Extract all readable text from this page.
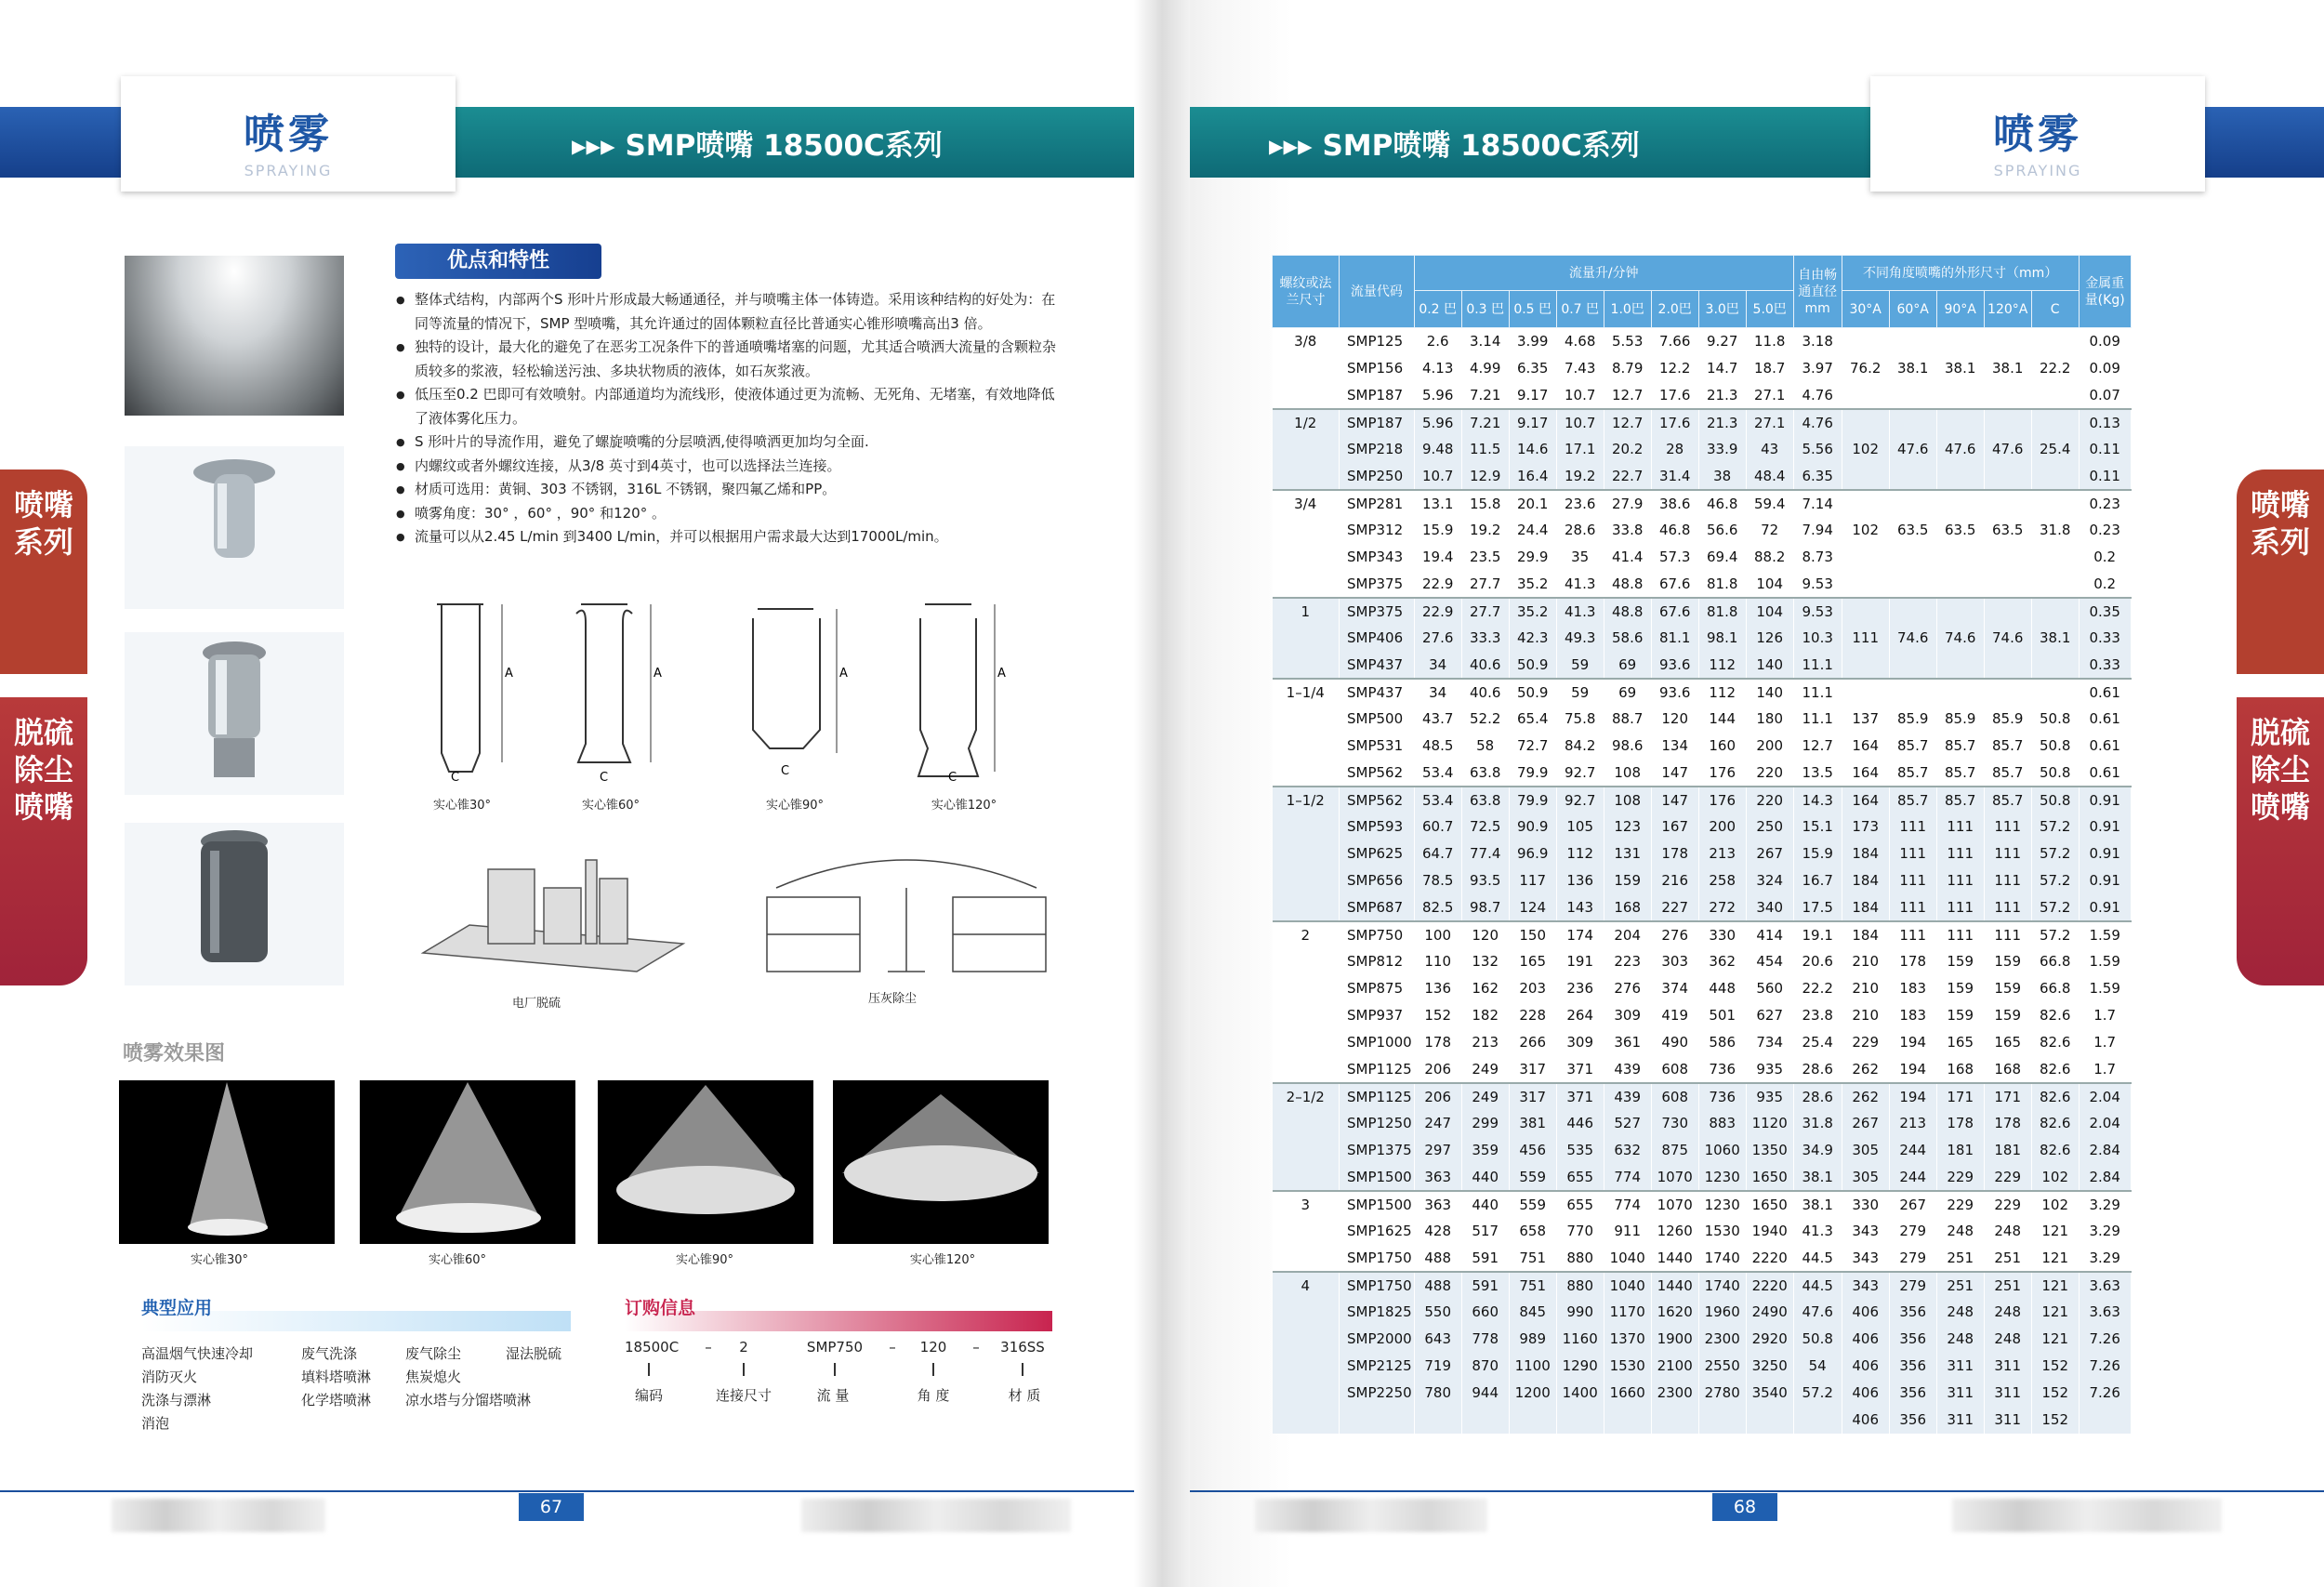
喷雾
SPRAYING
▸▸▸ SMP喷嘴 18500C系列
喷嘴系列
脱硫除尘喷嘴
优点和特性
● 整体式结构，内部两个S 形叶片形成最大畅通通径，并与喷嘴主体一体铸造。采用该种结构的好处为：在同等流量的情况下，SMP 型喷嘴，其允许通过的固体颗粒直径比普通实心锥形喷嘴高出3 倍。
● 独特的设计，最大化的避免了在恶劣工况条件下的普通喷嘴堵塞的问题，尤其适合喷洒大流量的含颗粒杂质较多的浆液，轻松输送污浊、多块状物质的液体，如石灰浆液。
● 低压至0.2 巴即可有效喷射。内部通道均为流线形，使液体通过更为流畅、无死角、无堵塞，有效地降低了液体雾化压力。
● S 形叶片的导流作用，避免了螺旋喷嘴的分层喷洒,使得喷洒更加均匀全面.
● 内螺纹或者外螺纹连接，从3/8 英寸到4英寸，也可以选择法兰连接。
● 材质可选用：黄铜、303 不锈钢，316L 不锈钢，聚四氟乙烯和PP。
● 喷雾角度：30° ，60° ，90° 和120° 。
● 流量可以从2.45 L/min 到3400 L/min，并可以根据用户需求最大达到17000L/min。
A	A	A	A
C	C	C	C
实心锥30°	实心锥60°	实心锥90°	实心锥120°
电厂脱硫	压灰除尘
喷雾效果图
实心锥30°	实心锥60°	实心锥90°	实心锥120°
典型应用
高温烟气快速冷却	废气洗涤	废气除尘	湿法脱硫
消防灭火	填料塔喷淋 焦炭熄火
洗涤与漂淋	化学塔喷淋 凉水塔与分馏塔喷淋
消泡
订购信息
18500C	–	2	SMP750	–	120	–	316SS
编码	连接尺寸	流 量	角 度	材 质
67
喷雾
SPRAYING
▸▸▸ SMP喷嘴 18500C系列
喷嘴系列
脱硫除尘喷嘴
68
螺纹或法兰尺寸	流量代码	流量升/分钟								自由畅通直径mm	不同角度喷嘴的外形尺寸（mm）					金属重量(Kg)
		0.2 巴	0.3 巴	0.5 巴	0.7 巴	1.0巴	2.0巴	3.0巴	5.0巴		30°A	60°A	90°A	120°A	C	
3/8	SMP125	2.6	3.14	3.99	4.68	5.53	7.66	9.27	11.8	3.18						0.09
	SMP156	4.13	4.99	6.35	7.43	8.79	12.2	14.7	18.7	3.97	76.2	38.1	38.1	38.1	22.2	0.09
	SMP187	5.96	7.21	9.17	10.7	12.7	17.6	21.3	27.1	4.76						0.07
1/2	SMP187	5.96	7.21	9.17	10.7	12.7	17.6	21.3	27.1	4.76						0.13
	SMP218	9.48	11.5	14.6	17.1	20.2	28	33.9	43	5.56	102	47.6	47.6	47.6	25.4	0.11
	SMP250	10.7	12.9	16.4	19.2	22.7	31.4	38	48.4	6.35						0.11
3/4	SMP281	13.1	15.8	20.1	23.6	27.9	38.6	46.8	59.4	7.14						0.23
	SMP312	15.9	19.2	24.4	28.6	33.8	46.8	56.6	72	7.94	102	63.5	63.5	63.5	31.8	0.23
	SMP343	19.4	23.5	29.9	35	41.4	57.3	69.4	88.2	8.73						0.2
	SMP375	22.9	27.7	35.2	41.3	48.8	67.6	81.8	104	9.53						0.2
1	SMP375	22.9	27.7	35.2	41.3	48.8	67.6	81.8	104	9.53						0.35
	SMP406	27.6	33.3	42.3	49.3	58.6	81.1	98.1	126	10.3	111	74.6	74.6	74.6	38.1	0.33
	SMP437	34	40.6	50.9	59	69	93.6	112	140	11.1						0.33
1–1/4	SMP437	34	40.6	50.9	59	69	93.6	112	140	11.1						0.61
	SMP500	43.7	52.2	65.4	75.8	88.7	120	144	180	11.1	137	85.9	85.9	85.9	50.8	0.61
	SMP531	48.5	58	72.7	84.2	98.6	134	160	200	12.7	164	85.7	85.7	85.7	50.8	0.61
	SMP562	53.4	63.8	79.9	92.7	108	147	176	220	13.5	164	85.7	85.7	85.7	50.8	0.61
1–1/2	SMP562	53.4	63.8	79.9	92.7	108	147	176	220	14.3	164	85.7	85.7	85.7	50.8	0.91
	SMP593	60.7	72.5	90.9	105	123	167	200	250	15.1	173	111	111	111	57.2	0.91
	SMP625	64.7	77.4	96.9	112	131	178	213	267	15.9	184	111	111	111	57.2	0.91
	SMP656	78.5	93.5	117	136	159	216	258	324	16.7	184	111	111	111	57.2	0.91
	SMP687	82.5	98.7	124	143	168	227	272	340	17.5	184	111	111	111	57.2	0.91
2	SMP750	100	120	150	174	204	276	330	414	19.1	184	111	111	111	57.2	1.59
	SMP812	110	132	165	191	223	303	362	454	20.6	210	178	159	159	66.8	1.59
	SMP875	136	162	203	236	276	374	448	560	22.2	210	183	159	159	66.8	1.59
	SMP937	152	182	228	264	309	419	501	627	23.8	210	183	159	159	82.6	1.7
	SMP1000	178	213	266	309	361	490	586	734	25.4	229	194	165	165	82.6	1.7
	SMP1125	206	249	317	371	439	608	736	935	28.6	262	194	168	168	82.6	1.7
2–1/2	SMP1125	206	249	317	371	439	608	736	935	28.6	262	194	171	171	82.6	2.04
	SMP1250	247	299	381	446	527	730	883	1120	31.8	267	213	178	178	82.6	2.04
	SMP1375	297	359	456	535	632	875	1060	1350	34.9	305	244	181	181	82.6	2.84
	SMP1500	363	440	559	655	774	1070	1230	1650	38.1	305	244	229	229	102	2.84
3	SMP1500	363	440	559	655	774	1070	1230	1650	38.1	330	267	229	229	102	3.29
	SMP1625	428	517	658	770	911	1260	1530	1940	41.3	343	279	248	248	121	3.29
	SMP1750	488	591	751	880	1040	1440	1740	2220	44.5	343	279	251	251	121	3.29
4	SMP1750	488	591	751	880	1040	1440	1740	2220	44.5	343	279	251	251	121	3.63
	SMP1825	550	660	845	990	1170	1620	1960	2490	47.6	406	356	248	248	121	3.63
	SMP2000	643	778	989	1160	1370	1900	2300	2920	50.8	406	356	248	248	121	7.26
	SMP2125	719	870	1100	1290	1530	2100	2550	3250	54	406	356	311	311	152	7.26
	SMP2250	780	944	1200	1400	1660	2300	2780	3540	57.2	406	356	311	311	152	7.26
											406	356	311	311	152	
